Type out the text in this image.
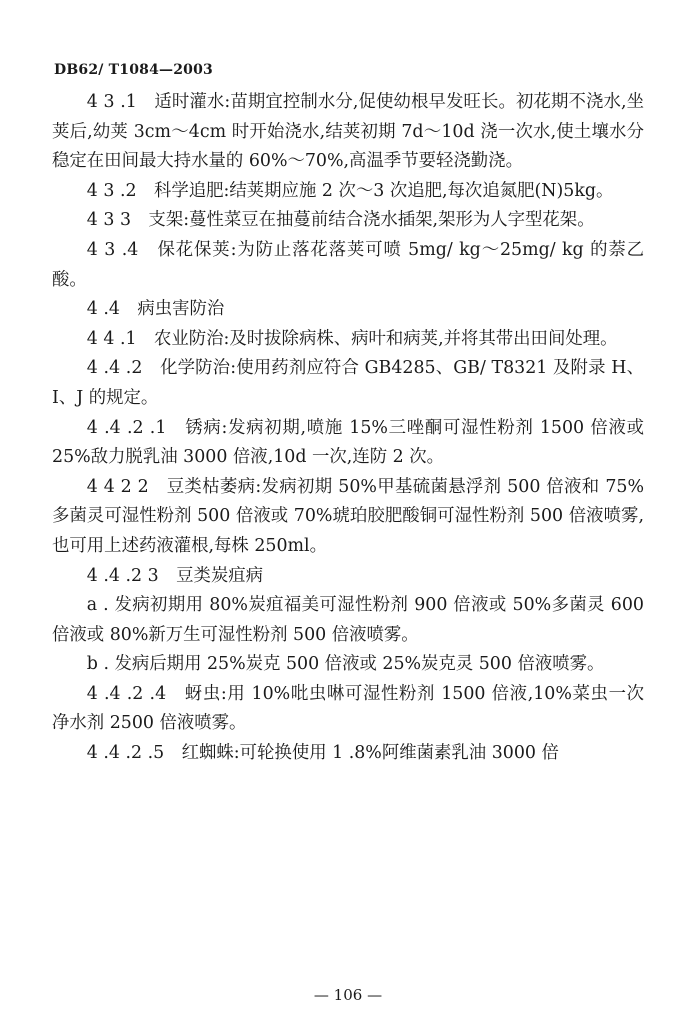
DB62/ T1084—2003

4 3 .1　适时灌水:苗期宜控制水分,促使幼根早发旺长。初花期不浇水,坐荚后,幼荚 3cm～4cm 时开始浇水,结荚初期 7d～10d 浇一次水,使土壤水分稳定在田间最大持水量的 60%～70%,高温季节要轻浇勤浇。

4 3 .2　科学追肥:结荚期应施 2 次～3 次追肥,每次追氮肥(N)5kg。

4 3 3　支架:蔓性菜豆在抽蔓前结合浇水插架,架形为人字型花架。

4 3 .4　保花保荚:为防止落花落荚可喷 5mg/ kg～25mg/ kg 的萘乙酸。

4 .4　病虫害防治

4 4 .1　农业防治:及时拔除病株、病叶和病荚,并将其带出田间处理。

4 .4 .2　化学防治:使用药剂应符合 GB4285、GB/ T8321 及附录 H、I、J 的规定。

4 .4 .2 .1　锈病:发病初期,喷施 15%三唑酮可湿性粉剂 1500 倍液或 25%敌力脱乳油 3000 倍液,10d 一次,连防 2 次。

4 4 2 2　豆类枯萎病:发病初期 50%甲基硫菌悬浮剂 500 倍液和 75%多菌灵可湿性粉剂 500 倍液或 70%琥珀胶肥酸铜可湿性粉剂 500 倍液喷雾,也可用上述药液灌根,每株 250ml。

4 .4 .2 3　豆类炭疽病

a . 发病初期用 80%炭疽福美可湿性粉剂 900 倍液或 50%多菌灵 600 倍液或 80%新万生可湿性粉剂 500 倍液喷雾。

b . 发病后期用 25%炭克 500 倍液或 25%炭克灵 500 倍液喷雾。

4 .4 .2 .4　蚜虫:用 10%吡虫啉可湿性粉剂 1500 倍液,10%菜虫一次净水剂 2500 倍液喷雾。

4 .4 .2 .5　红蜘蛛:可轮换使用 1 .8%阿维菌素乳油 3000 倍

— 106 —
